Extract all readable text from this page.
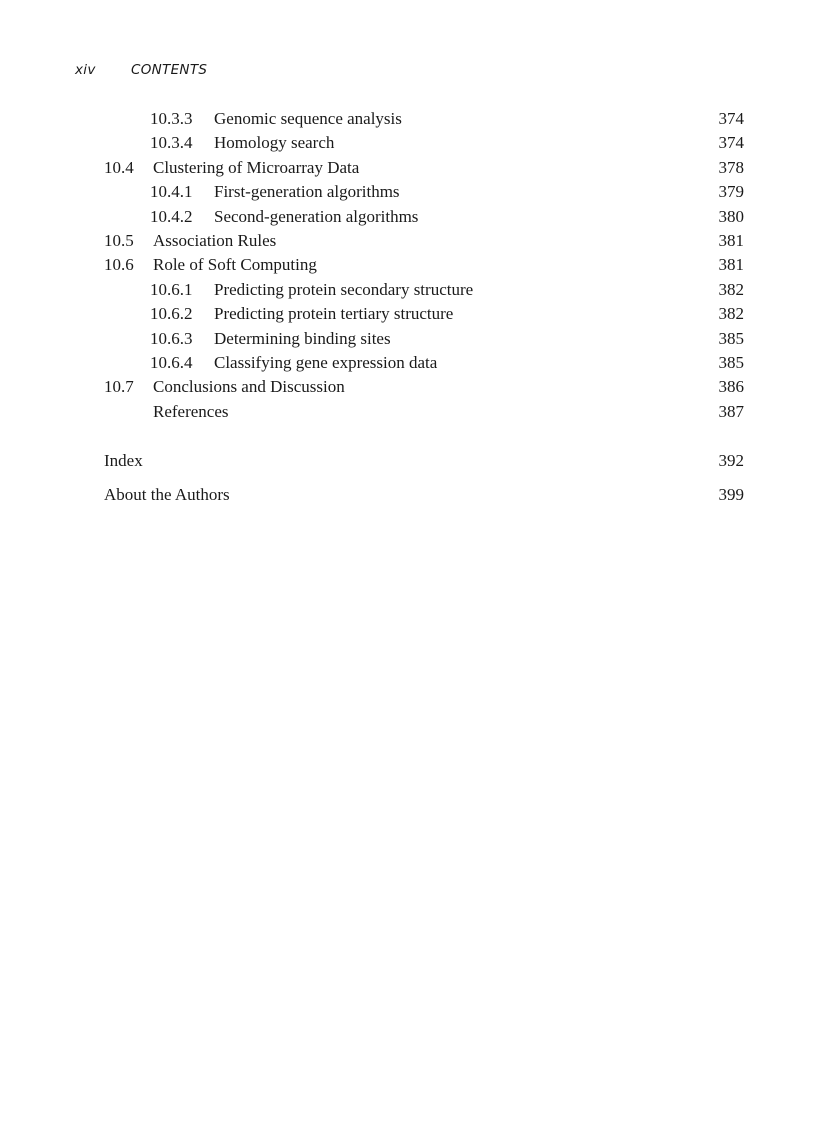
xiv	CONTENTS
10.3.3 Genomic sequence analysis	374
10.3.4 Homology search	374
10.4 Clustering of Microarray Data	378
10.4.1 First-generation algorithms	379
10.4.2 Second-generation algorithms	380
10.5 Association Rules	381
10.6 Role of Soft Computing	381
10.6.1 Predicting protein secondary structure	382
10.6.2 Predicting protein tertiary structure	382
10.6.3 Determining binding sites	385
10.6.4 Classifying gene expression data	385
10.7 Conclusions and Discussion	386
References	387
Index	392
About the Authors	399
